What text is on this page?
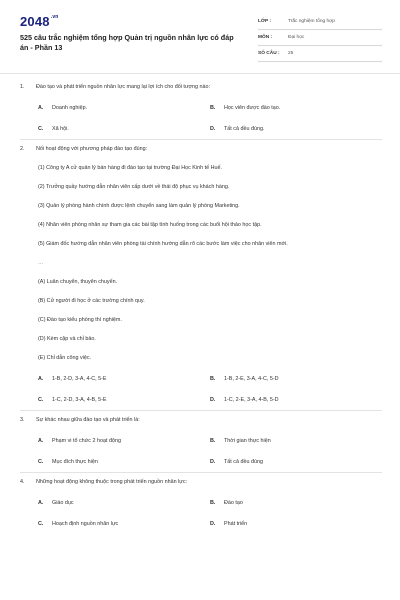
$2048^{.vn}$
525 câu trắc nghiệm tổng hợp Quản trị nguồn nhân lực có đáp án - Phần 13
LỚP :	Trắc nghiệm tổng hợp
MÔN :	Đại học
SỐ CÂU :	25
1.	Đào tạo và phát triển nguồn nhân lực mang lại lợi ích cho đối tượng nào:
A.	Doanh nghiệp.	B.	Học viên được đào tạo.
C.	Xã hội.	D.	Tất cả đều đúng.
2.	Nối hoạt động với phương pháp đào tạo đúng:
(1) Công ty A cử quản lý bán hàng đi đào tạo tại trường Đại Học Kinh tế Huế.
(2) Trưởng quầy hướng dẫn nhân viên cấp dưới về thái độ phục vụ khách hàng.
(3) Quản lý phòng hành chính được lệnh chuyển sang làm quản lý phòng Marketing.
(4) Nhân viên phòng nhân sự tham gia các bài tập tình huống trong các buổi hội thảo học tập.
(5) Giám đốc hướng dẫn nhân viên phòng tài chính hướng dẫn rõ các bước làm việc cho nhân viên mới.
…
(A) Luân chuyển, thuyên chuyển.
(B) Cử người đi học ở các trường chính quy.
(C) Đào tạo kiểu phòng thí nghiệm.
(D) Kèm cặp và chỉ bảo.
(E) Chỉ dẫn công việc.
A.	1-B, 2-D, 3-A, 4-C, 5-E	B.	1-B, 2-E, 3-A, 4-C, 5-D
C.	1-C, 2-D, 3-A, 4-B, 5-E	D.	1-C, 2-E, 3-A, 4-B, 5-D
3.	Sự khác nhau giữa đào tạo và phát triển là:
A.	Phạm vi tổ chức 2 hoạt động	B.	Thời gian thực hiện
C.	Mục đích thực hiện	D.	Tất cả đều đúng
4.	Những hoạt động không thuộc trong phát triển nguồn nhân lực:
A.	Giáo dục	B.	Đào tạo
C.	Hoạch định nguồn nhân lực	D.	Phát triển
